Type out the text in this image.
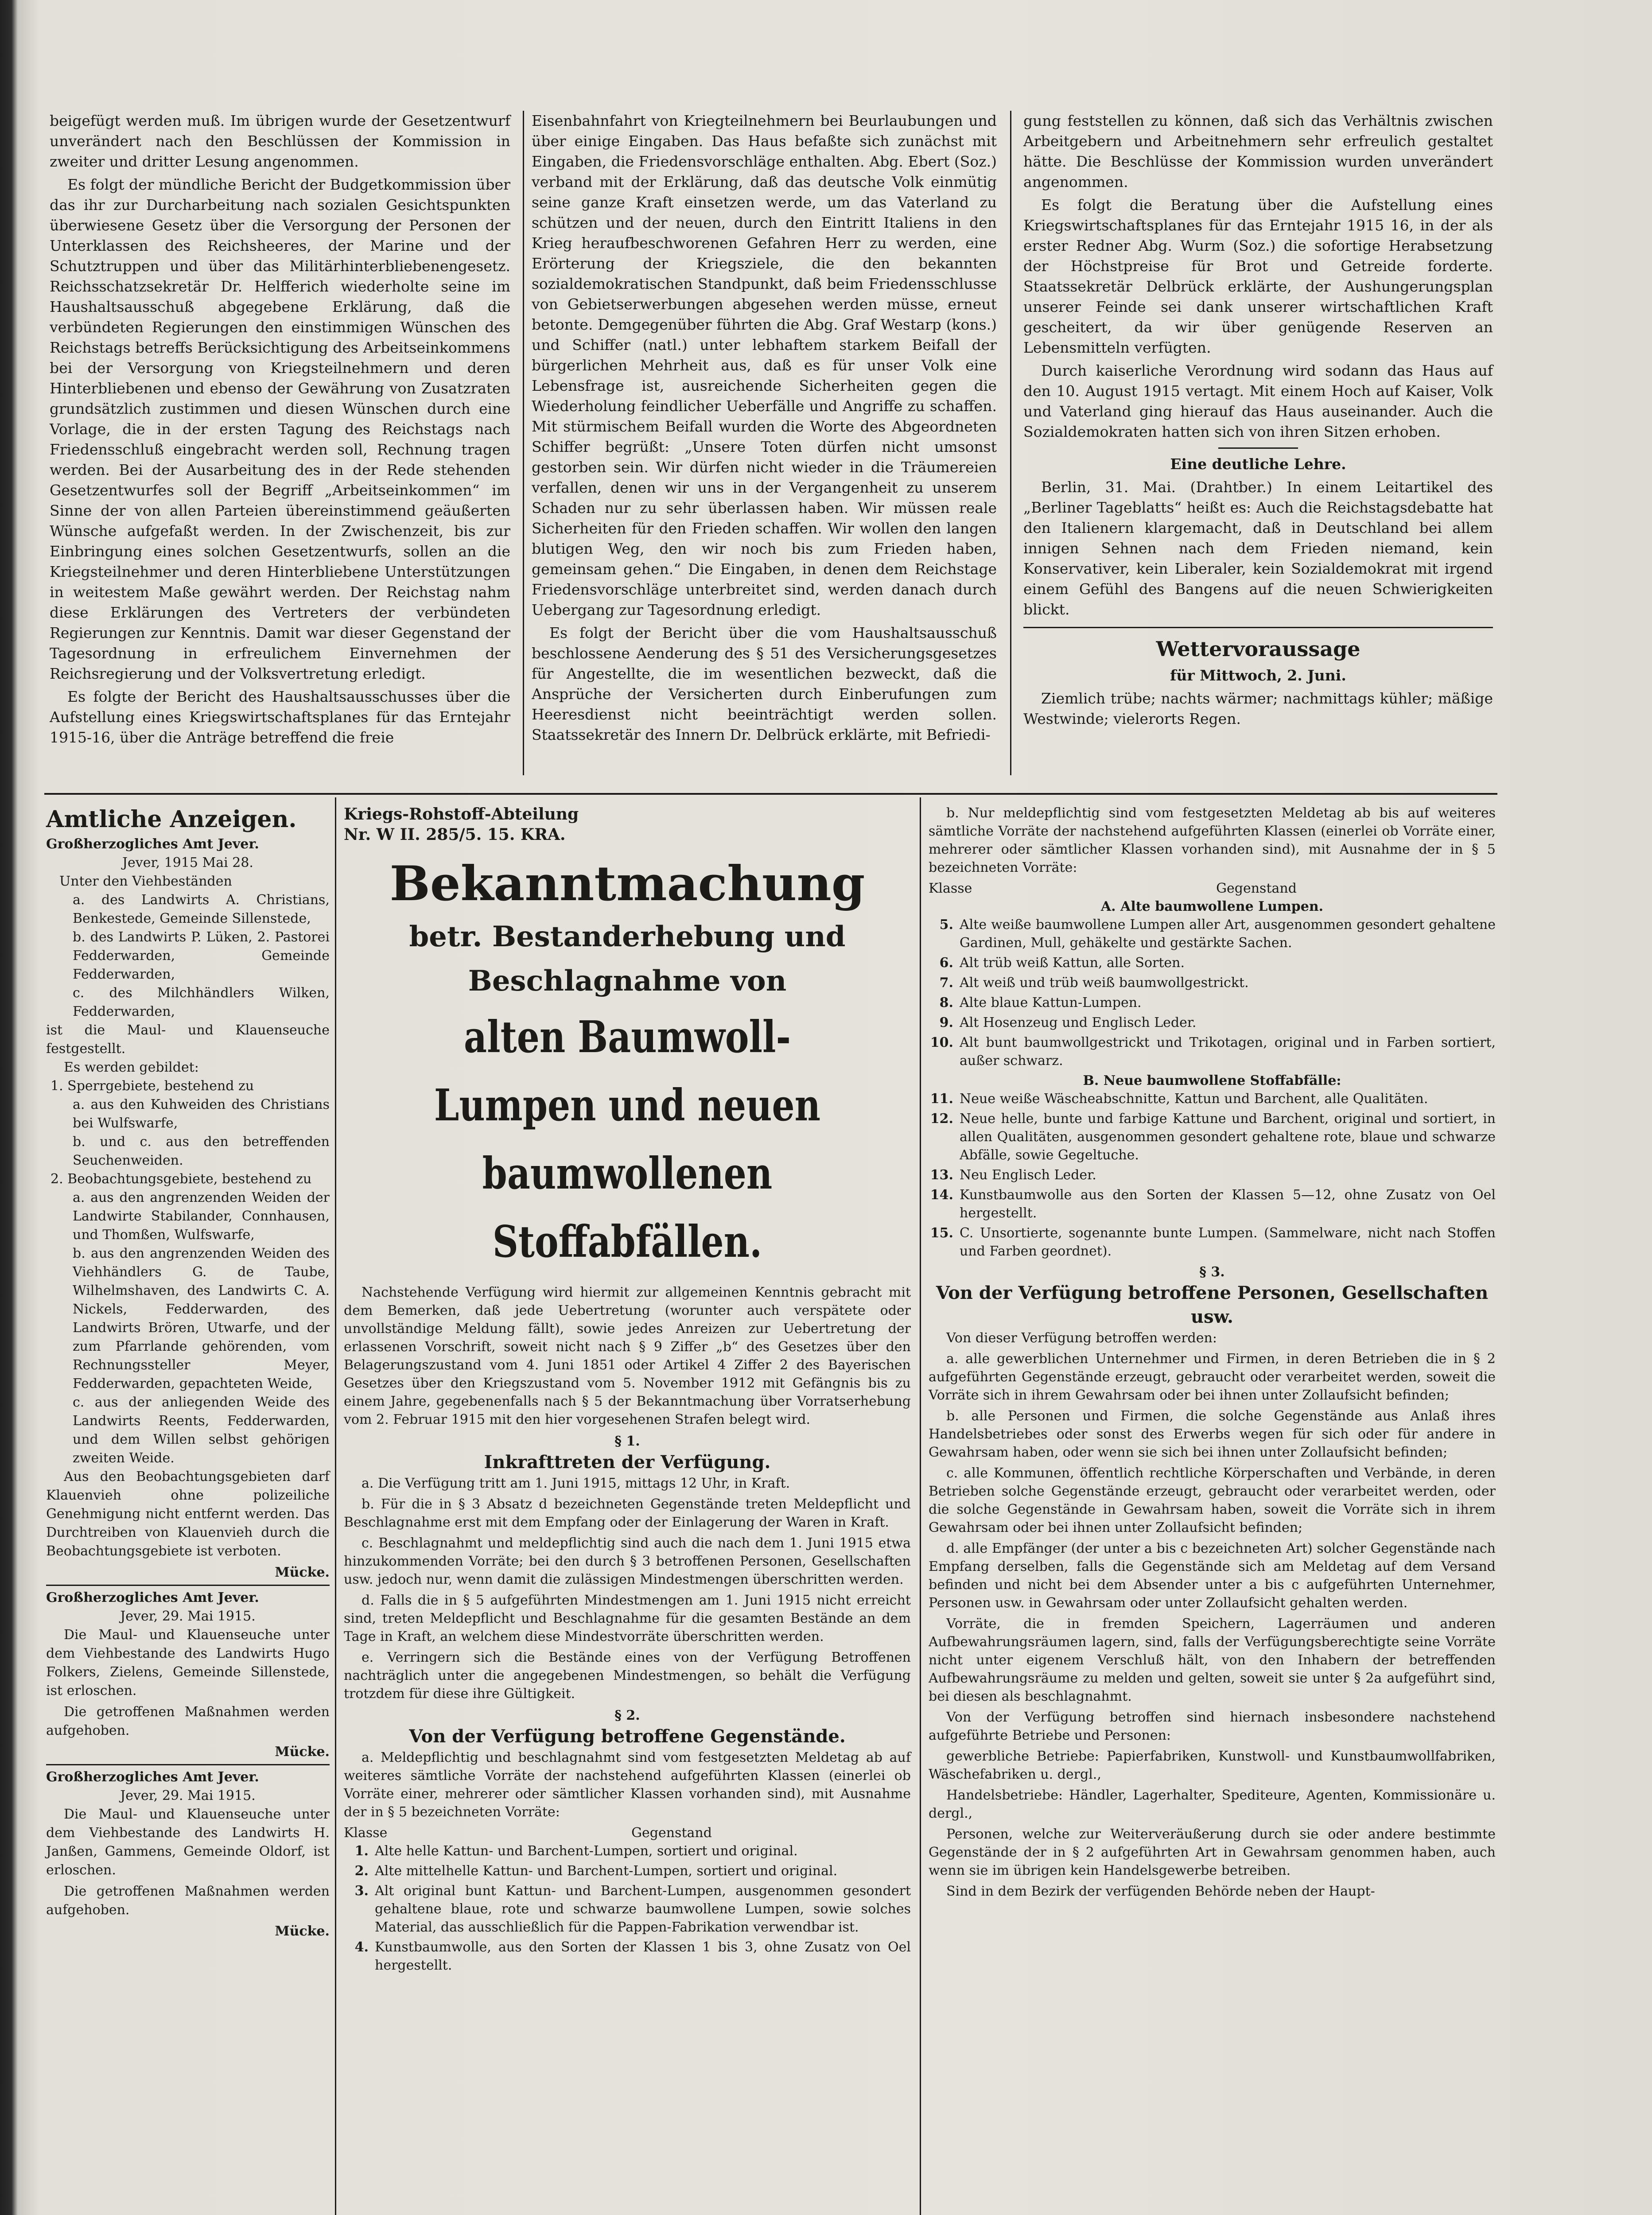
beigefügt werden muß. Im übrigen wurde der Gesetzentwurf unverändert nach den Beschlüssen der Kommission in zweiter und dritter Lesung angenommen.

Es folgt der mündliche Bericht der Budgetkommission über das ihr zur Durcharbeitung nach sozialen Gesichtspunkten überwiesene Gesetz über die Versorgung der Personen der Unterklassen des Reichsheeres, der Marine und der Schutztruppen und über das Militärhinterbliebenengesetz. Reichsschatzsekretär Dr. Helfferich wiederholte seine im Haushaltsausschuß abgegebene Erklärung, daß die verbündeten Regierungen den einstimmigen Wünschen des Reichstags betreffs Berücksichtigung des Arbeitseinkommens bei der Versorgung von Kriegsteilnehmern und deren Hinterbliebenen und ebenso der Gewährung von Zusatzraten grundsätzlich zustimmen und diesen Wünschen durch eine Vorlage, die in der ersten Tagung des Reichstags nach Friedensschluß eingebracht werden soll, Rechnung tragen werden. Bei der Ausarbeitung des in der Rede stehenden Gesetzentwurfes soll der Begriff „Arbeitseinkommen“ im Sinne der von allen Parteien übereinstimmend geäußerten Wünsche aufgefaßt werden. In der Zwischenzeit, bis zur Einbringung eines solchen Gesetzentwurfs, sollen an die Kriegsteilnehmer und deren Hinterbliebene Unterstützungen in weitestem Maße gewährt werden. Der Reichstag nahm diese Erklärungen des Vertreters der verbündeten Regierungen zur Kenntnis. Damit war dieser Gegenstand der Tagesordnung in erfreulichem Einvernehmen der Reichsregierung und der Volksvertretung erledigt.

Es folgte der Bericht des Haushaltsausschusses über die Aufstellung eines Kriegswirtschaftsplanes für das Erntejahr 1915-16, über die Anträge betreffend die freie

Eisenbahnfahrt von Kriegteilnehmern bei Beurlaubungen und über einige Eingaben. Das Haus befaßte sich zunächst mit Eingaben, die Friedensvorschläge enthalten. Abg. Ebert (Soz.) verband mit der Erklärung, daß das deutsche Volk einmütig seine ganze Kraft einsetzen werde, um das Vaterland zu schützen und der neuen, durch den Eintritt Italiens in den Krieg heraufbeschworenen Gefahren Herr zu werden, eine Erörterung der Kriegsziele, die den bekannten sozialdemokratischen Standpunkt, daß beim Friedensschlusse von Gebietserwerbungen abgesehen werden müsse, erneut betonte. Demgegenüber führten die Abg. Graf Westarp (kons.) und Schiffer (natl.) unter lebhaftem starkem Beifall der bürgerlichen Mehrheit aus, daß es für unser Volk eine Lebensfrage ist, ausreichende Sicherheiten gegen die Wiederholung feindlicher Ueberfälle und Angriffe zu schaffen. Mit stürmischem Beifall wurden die Worte des Abgeordneten Schiffer begrüßt: „Unsere Toten dürfen nicht umsonst gestorben sein. Wir dürfen nicht wieder in die Träumereien verfallen, denen wir uns in der Vergangenheit zu unserem Schaden nur zu sehr überlassen haben. Wir müssen reale Sicherheiten für den Frieden schaffen. Wir wollen den langen blutigen Weg, den wir noch bis zum Frieden haben, gemeinsam gehen.“ Die Eingaben, in denen dem Reichstage Friedensvorschläge unterbreitet sind, werden danach durch Uebergang zur Tagesordnung erledigt.

Es folgt der Bericht über die vom Haushaltsausschuß beschlossene Aenderung des § 51 des Versicherungsgesetzes für Angestellte, die im wesentlichen bezweckt, daß die Ansprüche der Versicherten durch Einberufungen zum Heeresdienst nicht beeinträchtigt werden sollen. Staatssekretär des Innern Dr. Delbrück erklärte, mit Befriedi-

gung feststellen zu können, daß sich das Verhältnis zwischen Arbeitgebern und Arbeitnehmern sehr erfreulich gestaltet hätte. Die Beschlüsse der Kommission wurden unverändert angenommen.

Es folgt die Beratung über die Aufstellung eines Kriegswirtschaftsplanes für das Erntejahr 1915 16, in der als erster Redner Abg. Wurm (Soz.) die sofortige Herabsetzung der Höchstpreise für Brot und Getreide forderte. Staatssekretär Delbrück erklärte, der Aushungerungsplan unserer Feinde sei dank unserer wirtschaftlichen Kraft gescheitert, da wir über genügende Reserven an Lebensmitteln verfügten.

Durch kaiserliche Verordnung wird sodann das Haus auf den 10. August 1915 vertagt. Mit einem Hoch auf Kaiser, Volk und Vaterland ging hierauf das Haus auseinander. Auch die Sozialdemokraten hatten sich von ihren Sitzen erhoben.

Eine deutliche Lehre.

Berlin, 31. Mai. (Drahtber.) In einem Leitartikel des „Berliner Tageblatts“ heißt es: Auch die Reichstagsdebatte hat den Italienern klargemacht, daß in Deutschland bei allem innigen Sehnen nach dem Frieden niemand, kein Konservativer, kein Liberaler, kein Sozialdemokrat mit irgend einem Gefühl des Bangens auf die neuen Schwierigkeiten blickt.

Wettervoraussage

für Mittwoch, 2. Juni.

Ziemlich trübe; nachts wärmer; nachmittags kühler; mäßige Westwinde; vielerorts Regen.

Amtliche Anzeigen.
Großherzogliches Amt Jever.
Jever, 1915 Mai 28.
Unter den Viehbeständen
a. des Landwirts A. Christians, Benkestede, Gemeinde Sillenstede,
b. des Landwirts P. Lüken, 2. Pastorei Fedderwarden, Gemeinde Fedderwarden,
c. des Milchhändlers Wilken, Fedderwarden,
ist die Maul- und Klauenseuche festgestellt.
Es werden gebildet:
1. Sperrgebiete, bestehend zu
a. aus den Kuhweiden des Christians bei Wulfswarfe,
b. und c. aus den betreffenden Seuchenweiden.
2. Beobachtungsgebiete, bestehend zu
a. aus den angrenzenden Weiden der Landwirte Stabilander, Connhausen, und Thomßen, Wulfswarfe,
b. aus den angrenzenden Weiden des Viehhändlers G. de Taube, Wilhelmshaven, des Landwirts C. A. Nickels, Fedderwarden, des Landwirts Brören, Utwarfe, und der zum Pfarrlande gehörenden, vom Rechnungssteller Meyer, Fedderwarden, gepachteten Weide,
c. aus der anliegenden Weide des Landwirts Reents, Fedderwarden, und dem Willen selbst gehörigen zweiten Weide.

Aus den Beobachtungsgebieten darf Klauenvieh ohne polizeiliche Genehmigung nicht entfernt werden. Das Durchtreiben von Klauenvieh durch die Beobachtungsgebiete ist verboten.

Mücke.
Großherzogliches Amt Jever.
Jever, 29. Mai 1915.

Die Maul- und Klauenseuche unter dem Viehbestande des Landwirts Hugo Folkers, Zielens, Gemeinde Sillenstede, ist erloschen.

Die getroffenen Maßnahmen werden aufgehoben.

Mücke.
Großherzogliches Amt Jever.
Jever, 29. Mai 1915.

Die Maul- und Klauenseuche unter dem Viehbestande des Landwirts H. Janßen, Gammens, Gemeinde Oldorf, ist erloschen.

Die getroffenen Maßnahmen werden aufgehoben.

Mücke.
Kriegs-Rohstoff-Abteilung
Nr. W II. 285/5. 15. KRA.
Bekanntmachung
betr. Bestanderhebung und Beschlagnahme von
alten Baumwoll-Lumpen und neuen baumwollenen Stoffabfällen.

Nachstehende Verfügung wird hiermit zur allgemeinen Kenntnis gebracht mit dem Bemerken, daß jede Uebertretung (worunter auch verspätete oder unvollständige Meldung fällt), sowie jedes Anreizen zur Uebertretung der erlassenen Vorschrift, soweit nicht nach § 9 Ziffer „b“ des Gesetzes über den Belagerungszustand vom 4. Juni 1851 oder Artikel 4 Ziffer 2 des Bayerischen Gesetzes über den Kriegszustand vom 5. November 1912 mit Gefängnis bis zu einem Jahre, gegebenenfalls nach § 5 der Bekanntmachung über Vorratserhebung vom 2. Februar 1915 mit den hier vorgesehenen Strafen belegt wird.

§ 1.
Inkrafttreten der Verfügung.

a. Die Verfügung tritt am 1. Juni 1915, mittags 12 Uhr, in Kraft.

b. Für die in § 3 Absatz d bezeichneten Gegenstände treten Meldepflicht und Beschlagnahme erst mit dem Empfang oder der Einlagerung der Waren in Kraft.

c. Beschlagnahmt und meldepflichtig sind auch die nach dem 1. Juni 1915 etwa hinzukommenden Vorräte; bei den durch § 3 betroffenen Personen, Gesellschaften usw. jedoch nur, wenn damit die zulässigen Mindestmengen überschritten werden.

d. Falls die in § 5 aufgeführten Mindestmengen am 1. Juni 1915 nicht erreicht sind, treten Meldepflicht und Beschlagnahme für die gesamten Bestände an dem Tage in Kraft, an welchem diese Mindestvorräte überschritten werden.

e. Verringern sich die Bestände eines von der Verfügung Betroffenen nachträglich unter die angegebenen Mindestmengen, so behält die Verfügung trotzdem für diese ihre Gültigkeit.

§ 2.
Von der Verfügung betroffene Gegenstände.

a. Meldepflichtig und beschlagnahmt sind vom festgesetzten Meldetag ab auf weiteres sämtliche Vorräte der nachstehend aufgeführten Klassen (einerlei ob Vorräte einer, mehrerer oder sämtlicher Klassen vorhanden sind), mit Ausnahme der in § 5 bezeichneten Vorräte:

Klasse	Gegenstand
1. Alte helle Kattun- und Barchent-Lumpen, sortiert und original.
2. Alte mittelhelle Kattun- und Barchent-Lumpen, sortiert und original.
3. Alt original bunt Kattun- und Barchent-Lumpen, ausgenommen gesondert gehaltene blaue, rote und schwarze baumwollene Lumpen, sowie solches Material, das ausschließlich für die Pappen-Fabrikation verwendbar ist.
4. Kunstbaumwolle, aus den Sorten der Klassen 1 bis 3, ohne Zusatz von Oel hergestellt.

b. Nur meldepflichtig sind vom festgesetzten Meldetag ab bis auf weiteres sämtliche Vorräte der nachstehend aufgeführten Klassen (einerlei ob Vorräte einer, mehrerer oder sämtlicher Klassen vorhanden sind), mit Ausnahme der in § 5 bezeichneten Vorräte:

Klasse	Gegenstand
A. Alte baumwollene Lumpen.
5. Alte weiße baumwollene Lumpen aller Art, ausgenommen gesondert gehaltene Gardinen, Mull, gehäkelte und gestärkte Sachen.
6. Alt trüb weiß Kattun, alle Sorten.
7. Alt weiß und trüb weiß baumwollgestrickt.
8. Alte blaue Kattun-Lumpen.
9. Alt Hosenzeug und Englisch Leder.
10. Alt bunt baumwollgestrickt und Trikotagen, original und in Farben sortiert, außer schwarz.
B. Neue baumwollene Stoffabfälle:
11. Neue weiße Wäscheabschnitte, Kattun und Barchent, alle Qualitäten.
12. Neue helle, bunte und farbige Kattune und Barchent, original und sortiert, in allen Qualitäten, ausgenommen gesondert gehaltene rote, blaue und schwarze Abfälle, sowie Gegeltuche.
13. Neu Englisch Leder.
14. Kunstbaumwolle aus den Sorten der Klassen 5—12, ohne Zusatz von Oel hergestellt.
15. C. Unsortierte, sogenannte bunte Lumpen. (Sammelware, nicht nach Stoffen und Farben geordnet).
§ 3.
Von der Verfügung betroffene Personen, Gesellschaften usw.

Von dieser Verfügung betroffen werden:

a. alle gewerblichen Unternehmer und Firmen, in deren Betrieben die in § 2 aufgeführten Gegenstände erzeugt, gebraucht oder verarbeitet werden, soweit die Vorräte sich in ihrem Gewahrsam oder bei ihnen unter Zollaufsicht befinden;

b. alle Personen und Firmen, die solche Gegenstände aus Anlaß ihres Handelsbetriebes oder sonst des Erwerbs wegen für sich oder für andere in Gewahrsam haben, oder wenn sie sich bei ihnen unter Zollaufsicht befinden;

c. alle Kommunen, öffentlich rechtliche Körperschaften und Verbände, in deren Betrieben solche Gegenstände erzeugt, gebraucht oder verarbeitet werden, oder die solche Gegenstände in Gewahrsam haben, soweit die Vorräte sich in ihrem Gewahrsam oder bei ihnen unter Zollaufsicht befinden;

d. alle Empfänger (der unter a bis c bezeichneten Art) solcher Gegenstände nach Empfang derselben, falls die Gegenstände sich am Meldetag auf dem Versand befinden und nicht bei dem Absender unter a bis c aufgeführten Unternehmer, Personen usw. in Gewahrsam oder unter Zollaufsicht gehalten werden.

Vorräte, die in fremden Speichern, Lagerräumen und anderen Aufbewahrungsräumen lagern, sind, falls der Verfügungsberechtigte seine Vorräte nicht unter eigenem Verschluß hält, von den Inhabern der betreffenden Aufbewahrungsräume zu melden und gelten, soweit sie unter § 2a aufgeführt sind, bei diesen als beschlagnahmt.

Von der Verfügung betroffen sind hiernach insbesondere nachstehend aufgeführte Betriebe und Personen:

gewerbliche Betriebe: Papierfabriken, Kunstwoll- und Kunstbaumwollfabriken, Wäschefabriken u. dergl.,

Handelsbetriebe: Händler, Lagerhalter, Spediteure, Agenten, Kommissionäre u. dergl.,

Personen, welche zur Weiterveräußerung durch sie oder andere bestimmte Gegenstände der in § 2 aufgeführten Art in Gewahrsam genommen haben, auch wenn sie im übrigen kein Handelsgewerbe betreiben.

Sind in dem Bezirk der verfügenden Behörde neben der Haupt-
